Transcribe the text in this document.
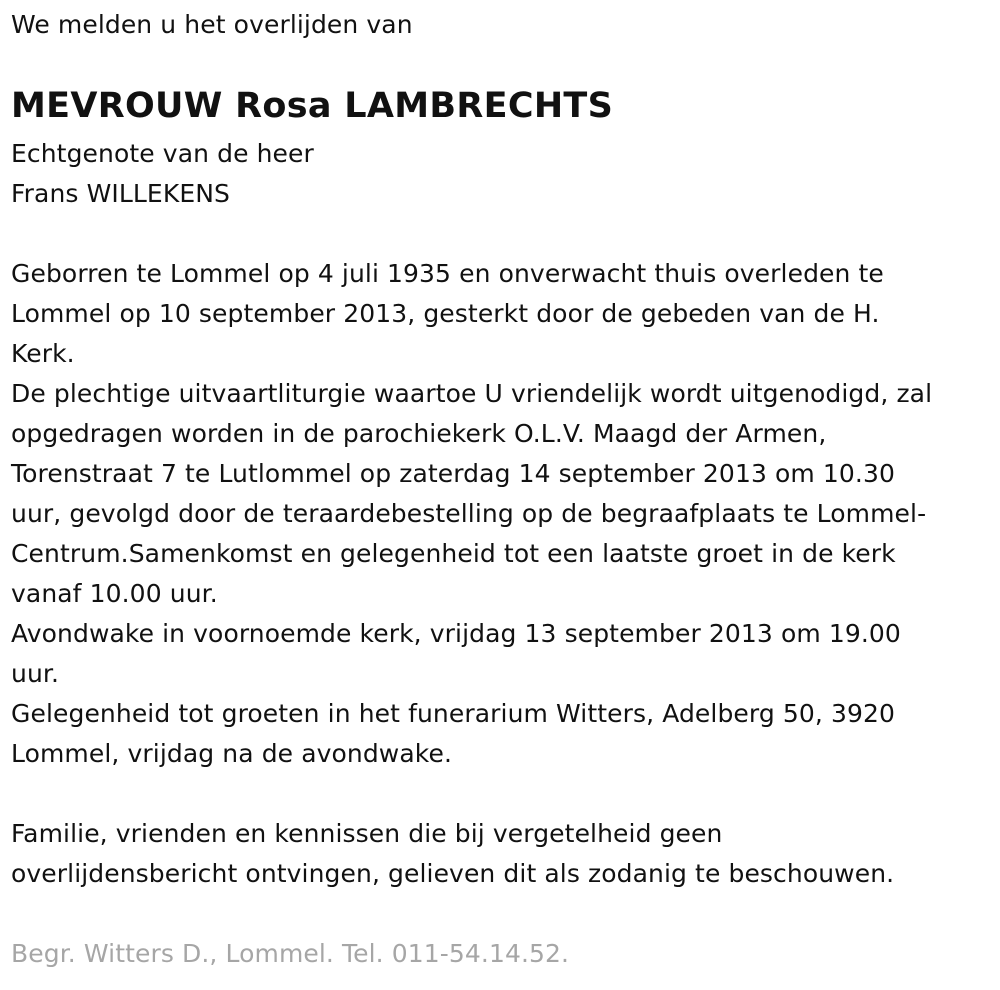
We melden u het overlijden van
MEVROUW Rosa LAMBRECHTS
Echtgenote van de heer
Frans WILLEKENS
Geborren te Lommel op 4 juli 1935 en onverwacht thuis overleden te
Lommel op 10 september 2013, gesterkt door de gebeden van de H.
Kerk.
De plechtige uitvaartliturgie waartoe U vriendelijk wordt uitgenodigd, zal
opgedragen worden in de parochiekerk O.L.V. Maagd der Armen,
Torenstraat 7 te Lutlommel op zaterdag 14 september 2013 om 10.30
uur, gevolgd door de teraardebestelling op de begraafplaats te Lommel-
Centrum.Samenkomst en gelegenheid tot een laatste groet in de kerk
vanaf 10.00 uur.
Avondwake in voornoemde kerk, vrijdag 13 september 2013 om 19.00
uur.
Gelegenheid tot groeten in het funerarium Witters, Adelberg 50, 3920
Lommel, vrijdag na de avondwake.
Familie, vrienden en kennissen die bij vergetelheid geen
overlijdensbericht ontvingen, gelieven dit als zodanig te beschouwen.
Begr. Witters D., Lommel. Tel. 011-54.14.52.
